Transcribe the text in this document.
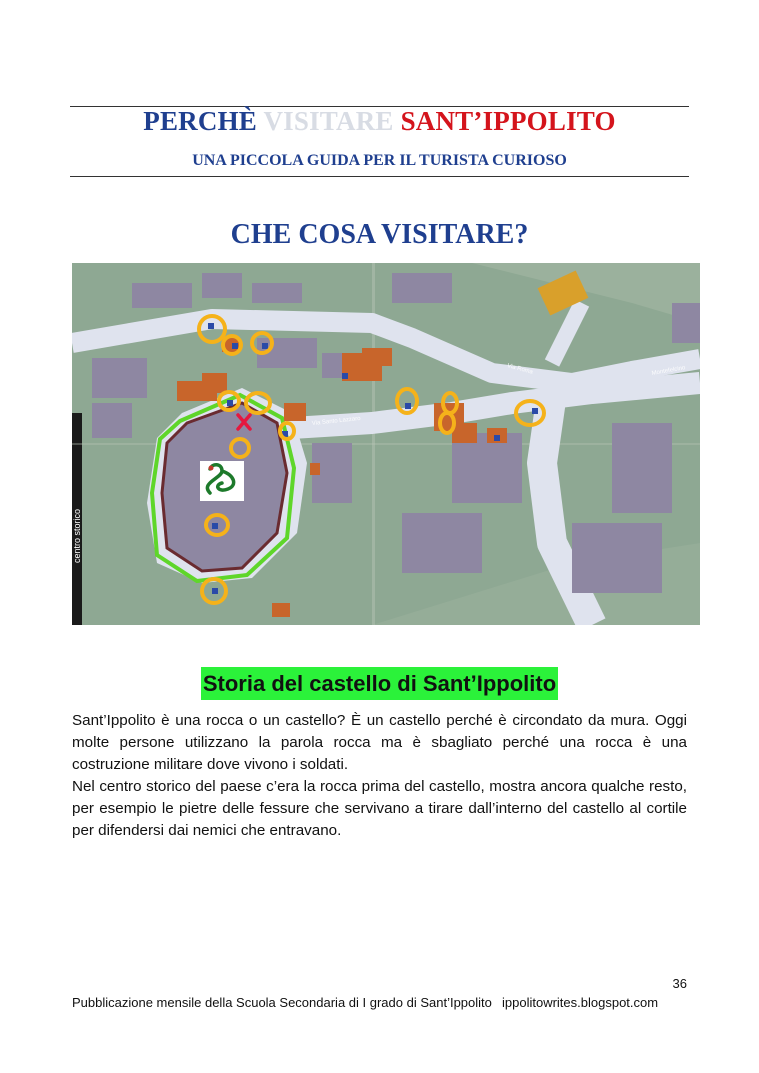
PERCHÈ VISITARE SANT’IPPOLITO
UNA PICCOLA GUIDA PER IL TURISTA CURIOSO
CHE COSA VISITARE?
centro storico
Via Santo Lazzaro
Via Roma	Montefelcino
Storia del castello di Sant’Ippolito

Sant’Ippolito è una rocca o un castello? È un castello perché è circondato da mura. Oggi molte persone utilizzano la parola rocca ma è sbagliato perché una rocca è una costruzione militare dove vivono i soldati.

Nel centro storico del paese c’era la rocca prima del castello, mostra ancora qualche resto, per esempio le pietre delle fessure che servivano a tirare dall’interno del castello al cortile per difendersi dai nemici che entravano.

36
Pubblicazione mensile della Scuola Secondaria di I grado di Sant’Ippolito ippolitowrites.blogspot.com
